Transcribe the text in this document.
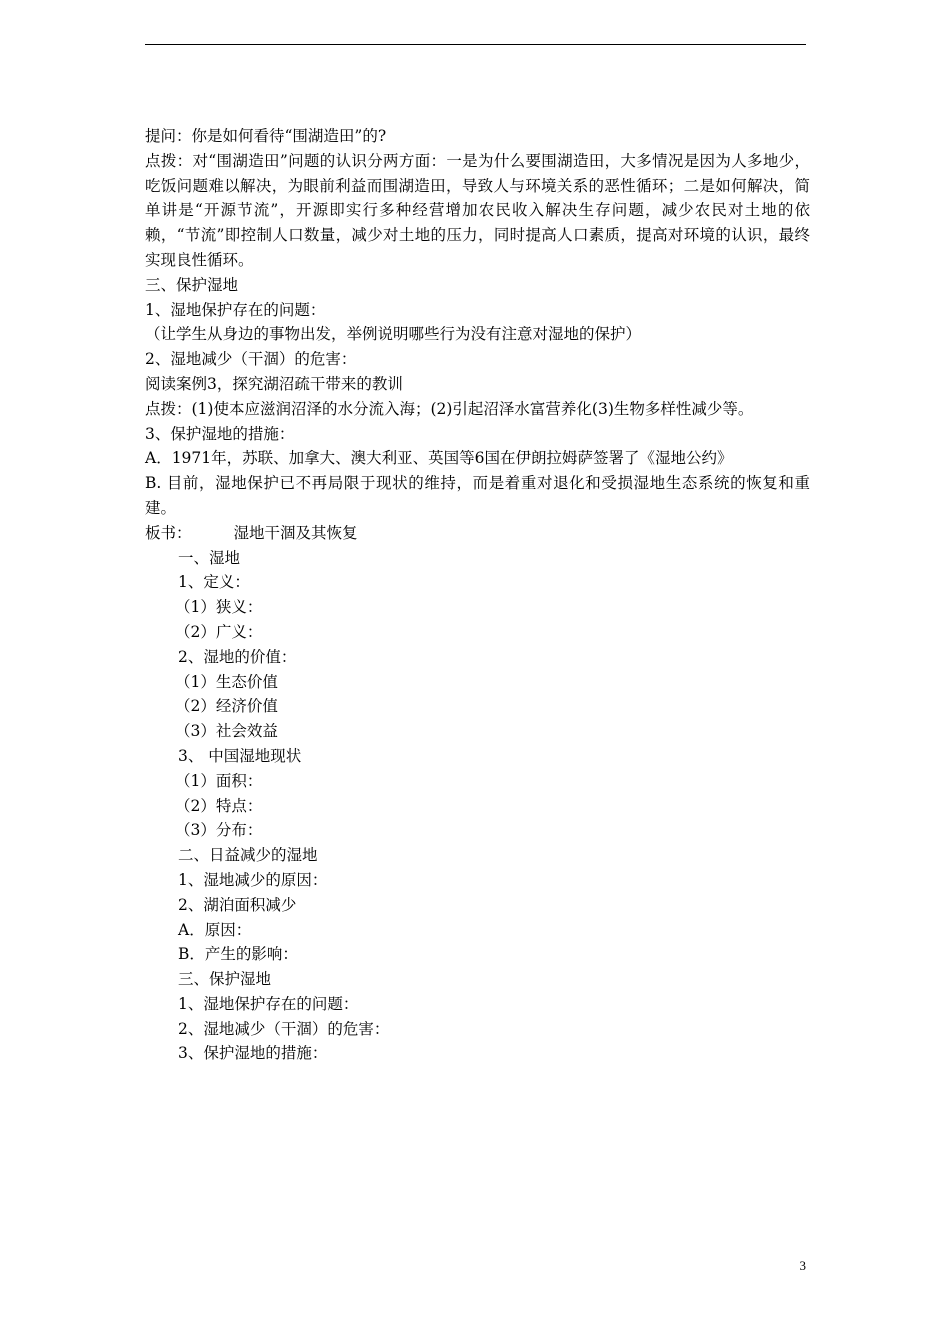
提问：你是如何看待“围湖造田”的?

点拨：对“围湖造田”问题的认识分两方面：一是为什么要围湖造田，大多情况是因为人多地少，吃饭问题难以解决，为眼前利益而围湖造田，导致人与环境关系的恶性循环；二是如何解决，简单讲是“开源节流”，开源即实行多种经营增加农民收入解决生存问题，减少农民对土地的依赖，“节流”即控制人口数量，减少对土地的压力，同时提高人口素质，提高对环境的认识，最终实现良性循环。

三、保护湿地

1、湿地保护存在的问题：

（让学生从身边的事物出发，举例说明哪些行为没有注意对湿地的保护）

2、湿地减少（干涸）的危害：

阅读案例3，探究湖沼疏干带来的教训

点拨：(1)使本应滋润沼泽的水分流入海；(2)引起沼泽水富营养化(3)生物多样性减少等。

3、保护湿地的措施：

A．1971年，苏联、加拿大、澳大利亚、英国等6国在伊朗拉姆萨签署了《湿地公约》

B. 目前，湿地保护已不再局限于现状的维持，而是着重对退化和受损湿地生态系统的恢复和重建。

板书：	湿地干涸及其恢复

一、湿地

1、定义：

（1）狭义：

（2）广义：

2、湿地的价值：

（1）生态价值

（2）经济价值

（3）社会效益

3、 中国湿地现状

（1）面积：

（2）特点：

（3）分布：

二、日益减少的湿地

1、湿地减少的原因：

2、湖泊面积减少

A．原因：

B．产生的影响：

三、保护湿地

1、湿地保护存在的问题：

2、湿地减少（干涸）的危害：

3、保护湿地的措施：

3
